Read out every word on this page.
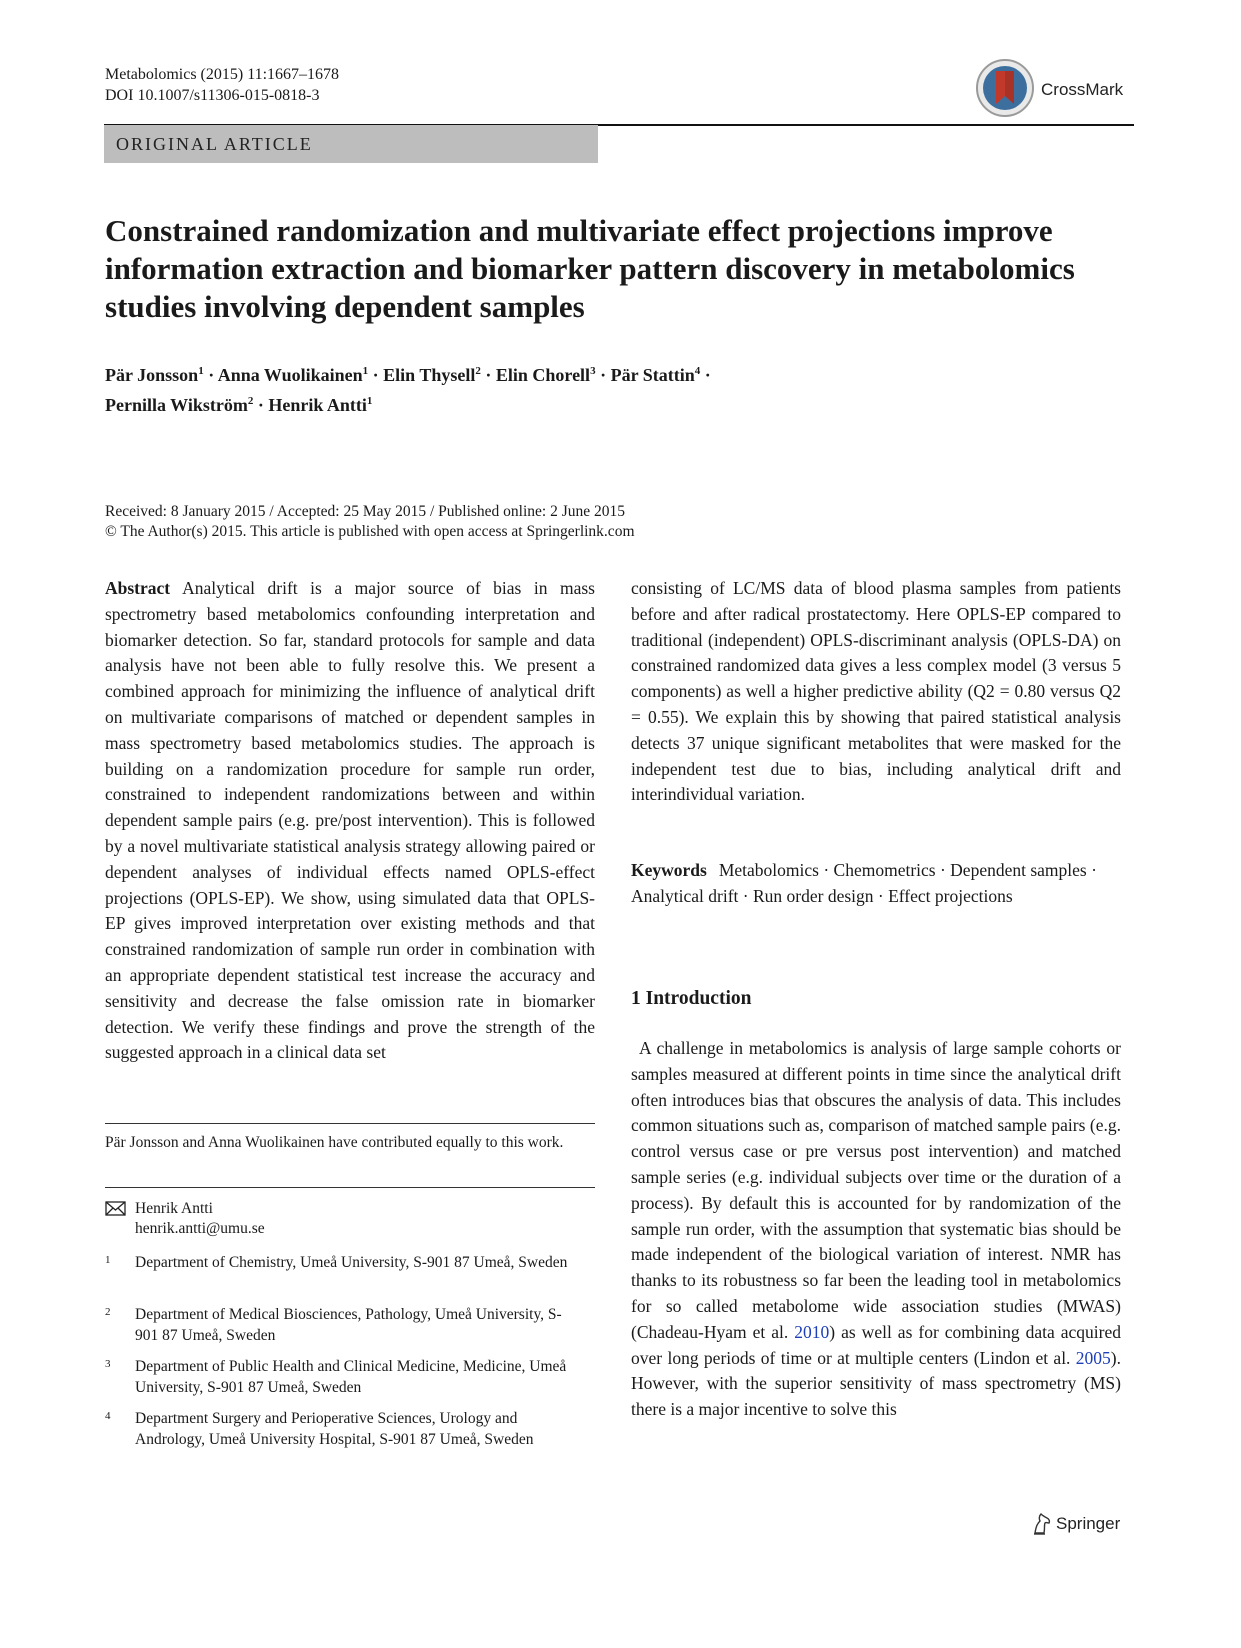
Metabolomics (2015) 11:1667–1678
DOI 10.1007/s11306-015-0818-3	CrossMark
ORIGINAL ARTICLE
Constrained randomization and multivariate effect projections improve information extraction and biomarker pattern discovery in metabolomics studies involving dependent samples
Pär Jonsson$^1$ · Anna Wuolikainen$^1$ · Elin Thysell$^2$ · Elin Chorell$^3$ · Pär Stattin$^4$ ·
Pernilla Wikström$^2$ · Henrik Antti$^1$
Received: 8 January 2015 / Accepted: 25 May 2015 / Published online: 2 June 2015
© The Author(s) 2015. This article is published with open access at Springerlink.com
Abstract Analytical drift is a major source of bias in mass spectrometry based metabolomics confounding interpretation and biomarker detection. So far, standard protocols for sample and data analysis have not been able to fully resolve this. We present a combined approach for minimizing the influence of analytical drift on multivariate comparisons of matched or dependent samples in mass spectrometry based metabolomics studies. The approach is building on a randomization procedure for sample run order, constrained to independent randomizations between and within dependent sample pairs (e.g. pre/post intervention). This is followed by a novel multivariate statistical analysis strategy allowing paired or dependent analyses of individual effects named OPLS-effect projections (OPLS-EP). We show, using simulated data that OPLS-EP gives improved interpretation over existing methods and that constrained randomization of sample run order in combination with an appropriate dependent statistical test increase the accuracy and sensitivity and decrease the false omission rate in biomarker detection. We verify these findings and prove the strength of the suggested approach in a clinical data set
consisting of LC/MS data of blood plasma samples from patients before and after radical prostatectomy. Here OPLS-EP compared to traditional (independent) OPLS-discriminant analysis (OPLS-DA) on constrained randomized data gives a less complex model (3 versus 5 components) as well a higher predictive ability (Q2 = 0.80 versus Q2 = 0.55). We explain this by showing that paired statistical analysis detects 37 unique significant metabolites that were masked for the independent test due to bias, including analytical drift and interindividual variation.
Keywords Metabolomics · Chemometrics · Dependent samples · Analytical drift · Run order design · Effect projections
1 Introduction
A challenge in metabolomics is analysis of large sample cohorts or samples measured at different points in time since the analytical drift often introduces bias that obscures the analysis of data. This includes common situations such as, comparison of matched sample pairs (e.g. control versus case or pre versus post intervention) and matched sample series (e.g. individual subjects over time or the duration of a process). By default this is accounted for by randomization of the sample run order, with the assumption that systematic bias should be made independent of the biological variation of interest. NMR has thanks to its robustness so far been the leading tool in metabolomics for so called metabolome wide association studies (MWAS) (Chadeau-Hyam et al. 2010) as well as for combining data acquired over long periods of time or at multiple centers (Lindon et al. 2005). However, with the superior sensitivity of mass spectrometry (MS) there is a major incentive to solve this
Pär Jonsson and Anna Wuolikainen have contributed equally to this work.
Henrik Antti
henrik.antti@umu.se
1 Department of Chemistry, Umeå University, S-901 87 Umeå, Sweden
2 Department of Medical Biosciences, Pathology, Umeå University, S-901 87 Umeå, Sweden
3 Department of Public Health and Clinical Medicine, Medicine, Umeå University, S-901 87 Umeå, Sweden
4 Department Surgery and Perioperative Sciences, Urology and Andrology, Umeå University Hospital, S-901 87 Umeå, Sweden
Springer
